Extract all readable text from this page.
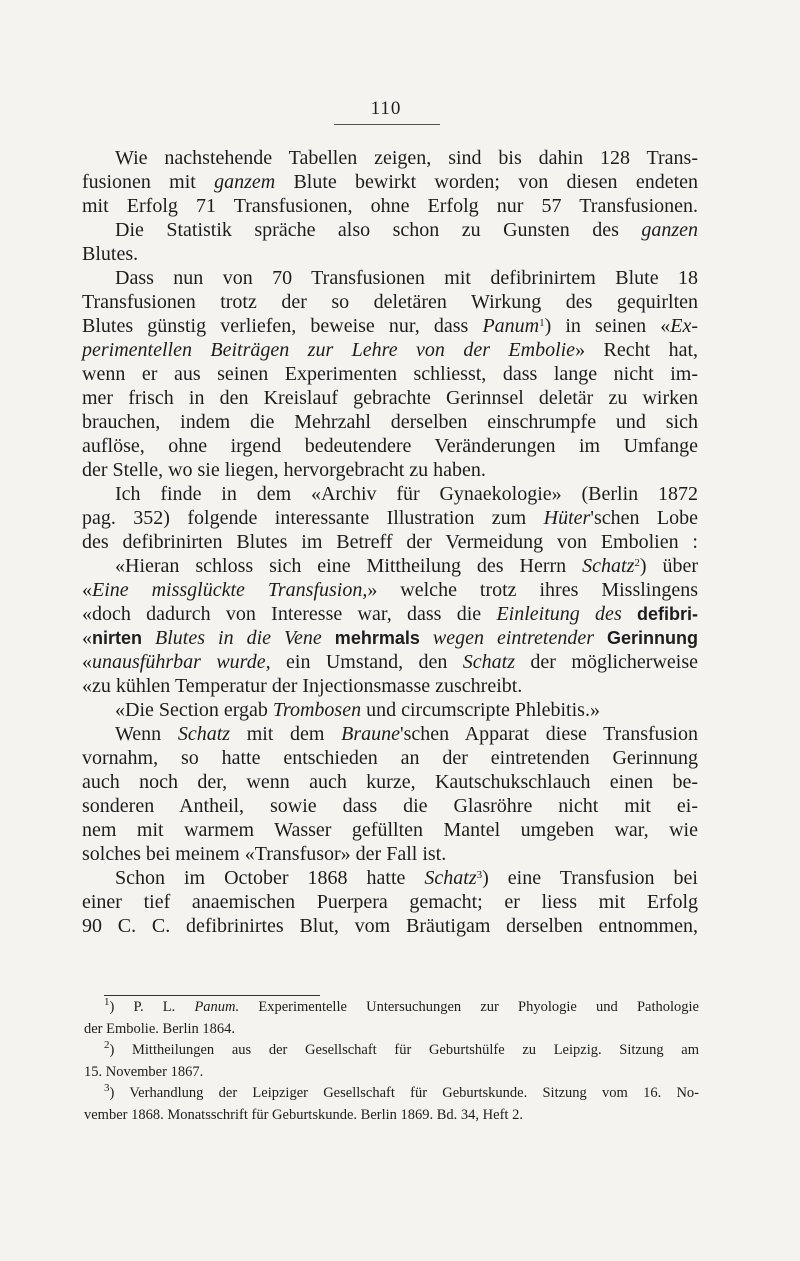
110
Wie nachstehende Tabellen zeigen, sind bis dahin 128 Trans-
fusionen mit ganzem Blute bewirkt worden; von diesen endeten
mit Erfolg 71 Transfusionen, ohne Erfolg nur 57 Transfusionen.
Die Statistik spräche also schon zu Gunsten des ganzen
Blutes.
Dass nun von 70 Transfusionen mit defibrinirtem Blute 18
Transfusionen trotz der so deletären Wirkung des gequirlten
Blutes günstig verliefen, beweise nur, dass Panum$^1$) in seinen «Ex-
perimentellen Beiträgen zur Lehre von der Embolie» Recht hat,
wenn er aus seinen Experimenten schliesst, dass lange nicht im-
mer frisch in den Kreislauf gebrachte Gerinnsel deletär zu wirken
brauchen, indem die Mehrzahl derselben einschrumpfe und sich
auflöse, ohne irgend bedeutendere Veränderungen im Umfange
der Stelle, wo sie liegen, hervorgebracht zu haben.
Ich finde in dem «Archiv für Gynaekologie» (Berlin 1872
pag. 352) folgende interessante Illustration zum Hüter'schen Lobe
des defibrinirten Blutes im Betreff der Vermeidung von Embolien :
«Hieran schloss sich eine Mittheilung des Herrn Schatz$^2$) über
«Eine missglückte Transfusion,» welche trotz ihres Misslingens
«doch dadurch von Interesse war, dass die Einleitung des defibri-
«nirten Blutes in die Vene mehrmals wegen eintretender Gerinnung
«unausführbar wurde, ein Umstand, den Schatz der möglicherweise
«zu kühlen Temperatur der Injectionsmasse zuschreibt.
«Die Section ergab Trombosen und circumscripte Phlebitis.»
Wenn Schatz mit dem Braune'schen Apparat diese Transfusion
vornahm, so hatte entschieden an der eintretenden Gerinnung
auch noch der, wenn auch kurze, Kautschukschlauch einen be-
sonderen Antheil, sowie dass die Glasröhre nicht mit ei-
nem mit warmem Wasser gefüllten Mantel umgeben war, wie
solches bei meinem «Transfusor» der Fall ist.
Schon im October 1868 hatte Schatz$^3$) eine Transfusion bei
einer tief anaemischen Puerpera gemacht; er liess mit Erfolg
90 C. C. defibrinirtes Blut, vom Bräutigam derselben entnommen,
$^1$) P. L. Panum. Experimentelle Untersuchungen zur Phyologie und Pathologie
der Embolie. Berlin 1864.
$^2$) Mittheilungen aus der Gesellschaft für Geburtshülfe zu Leipzig. Sitzung am
15. November 1867.
$^3$) Verhandlung der Leipziger Gesellschaft für Geburtskunde. Sitzung vom 16. No-
vember 1868. Monatsschrift für Geburtskunde. Berlin 1869. Bd. 34, Heft 2.
